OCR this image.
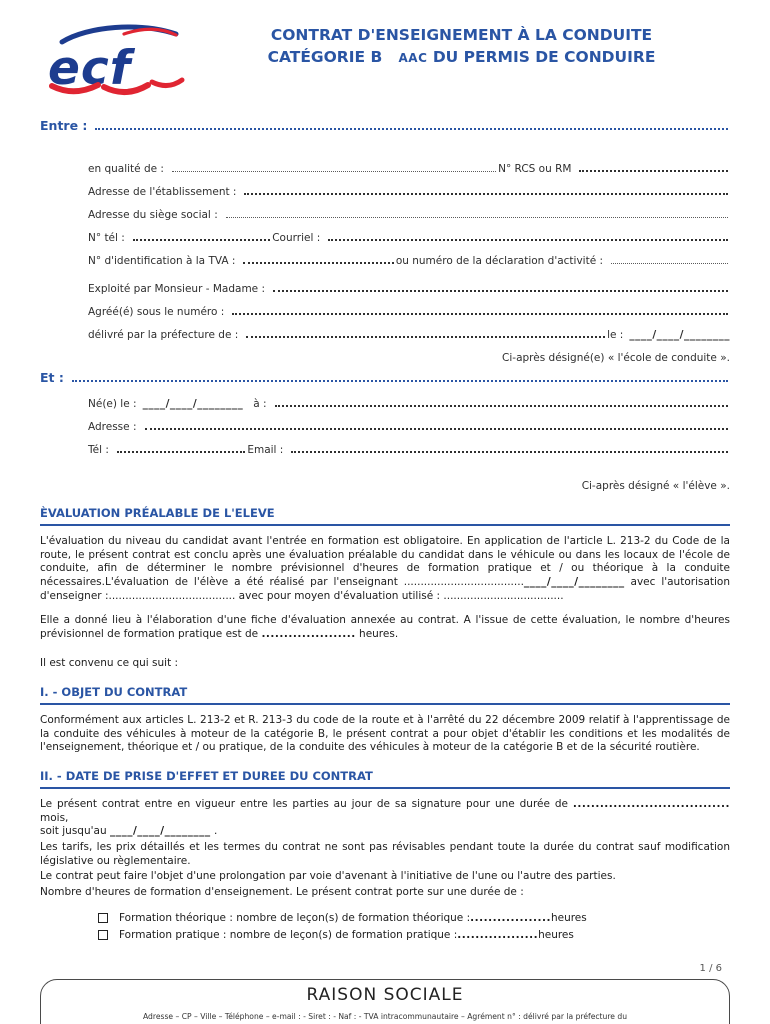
ecf
CONTRAT D'ENSEIGNEMENT À LA CONDUITE
CATÉGORIE B AAC DU PERMIS DE CONDUIRE
Entre :
en qualité de :	N° RCS ou RM
Adresse de l'établissement :
Adresse du siège social :
N° tél :	Courriel :
N° d'identification à la TVA :	ou numéro de la déclaration d'activité :
Exploité par Monsieur - Madame :
Agréé(é) sous le numéro :
délivré par la préfecture de :	le : ____/____/________

Ci-après désigné(e) « l'école de conduite ».

Et :
Né(e) le : ____/____/________ à :
Adresse :
Tél :	Email :

Ci-après désigné « l'élève ».

ÈVALUATION PRÉALABLE DE L'ELEVE

L'évaluation du niveau du candidat avant l'entrée en formation est obligatoire. En application de l'article L. 213-2 du Code de la route, le présent contrat est conclu après une évaluation préalable du candidat dans le véhicule ou dans les locaux de l'école de conduite, afin de déterminer le nombre prévisionnel d'heures de formation pratique et / ou théorique à la conduite nécessaires.L'évaluation de l'élève a été réalisé par l'enseignant ....................................____/____/________ avec l'autorisation d'enseigner :...................................... avec pour moyen d'évaluation utilisé : ....................................

Elle a donné lieu à l'élaboration d'une fiche d'évaluation annexée au contrat. A l'issue de cette évaluation, le nombre d'heures prévisionnel de formation pratique est de ..................... heures.

Il est convenu ce qui suit :

I. - OBJET DU CONTRAT

Conformément aux articles L. 213-2 et R. 213-3 du code de la route et à l'arrêté du 22 décembre 2009 relatif à l'apprentissage de la conduite des véhicules à moteur de la catégorie B, le présent contrat a pour objet d'établir les conditions et les modalités de l'enseignement, théorique et / ou pratique, de la conduite des véhicules à moteur de la catégorie B et de la sécurité routière.

II. - DATE DE PRISE D'EFFET ET DUREE DU CONTRAT

Le présent contrat entre en vigueur entre les parties au jour de sa signature pour une durée de ................................... mois,
soit jusqu'au ____/____/________ .

Les tarifs, les prix détaillés et les termes du contrat ne sont pas révisables pendant toute la durée du contrat sauf modification législative ou règlementaire.

Le contrat peut faire l'objet d'une prolongation par voie d'avenant à l'initiative de l'une ou l'autre des parties.

Nombre d'heures de formation d'enseignement. Le présent contrat porte sur une durée de :

Formation théorique : nombre de leçon(s) de formation théorique : .................. heures
Formation pratique : nombre de leçon(s) de formation pratique : .................. heures

1 / 6

RAISON SOCIALE

Adresse – CP – Ville – Téléphone – e-mail : - Siret : - Naf : - TVA intracommunautaire – Agrément n° : délivré par la préfecture du
